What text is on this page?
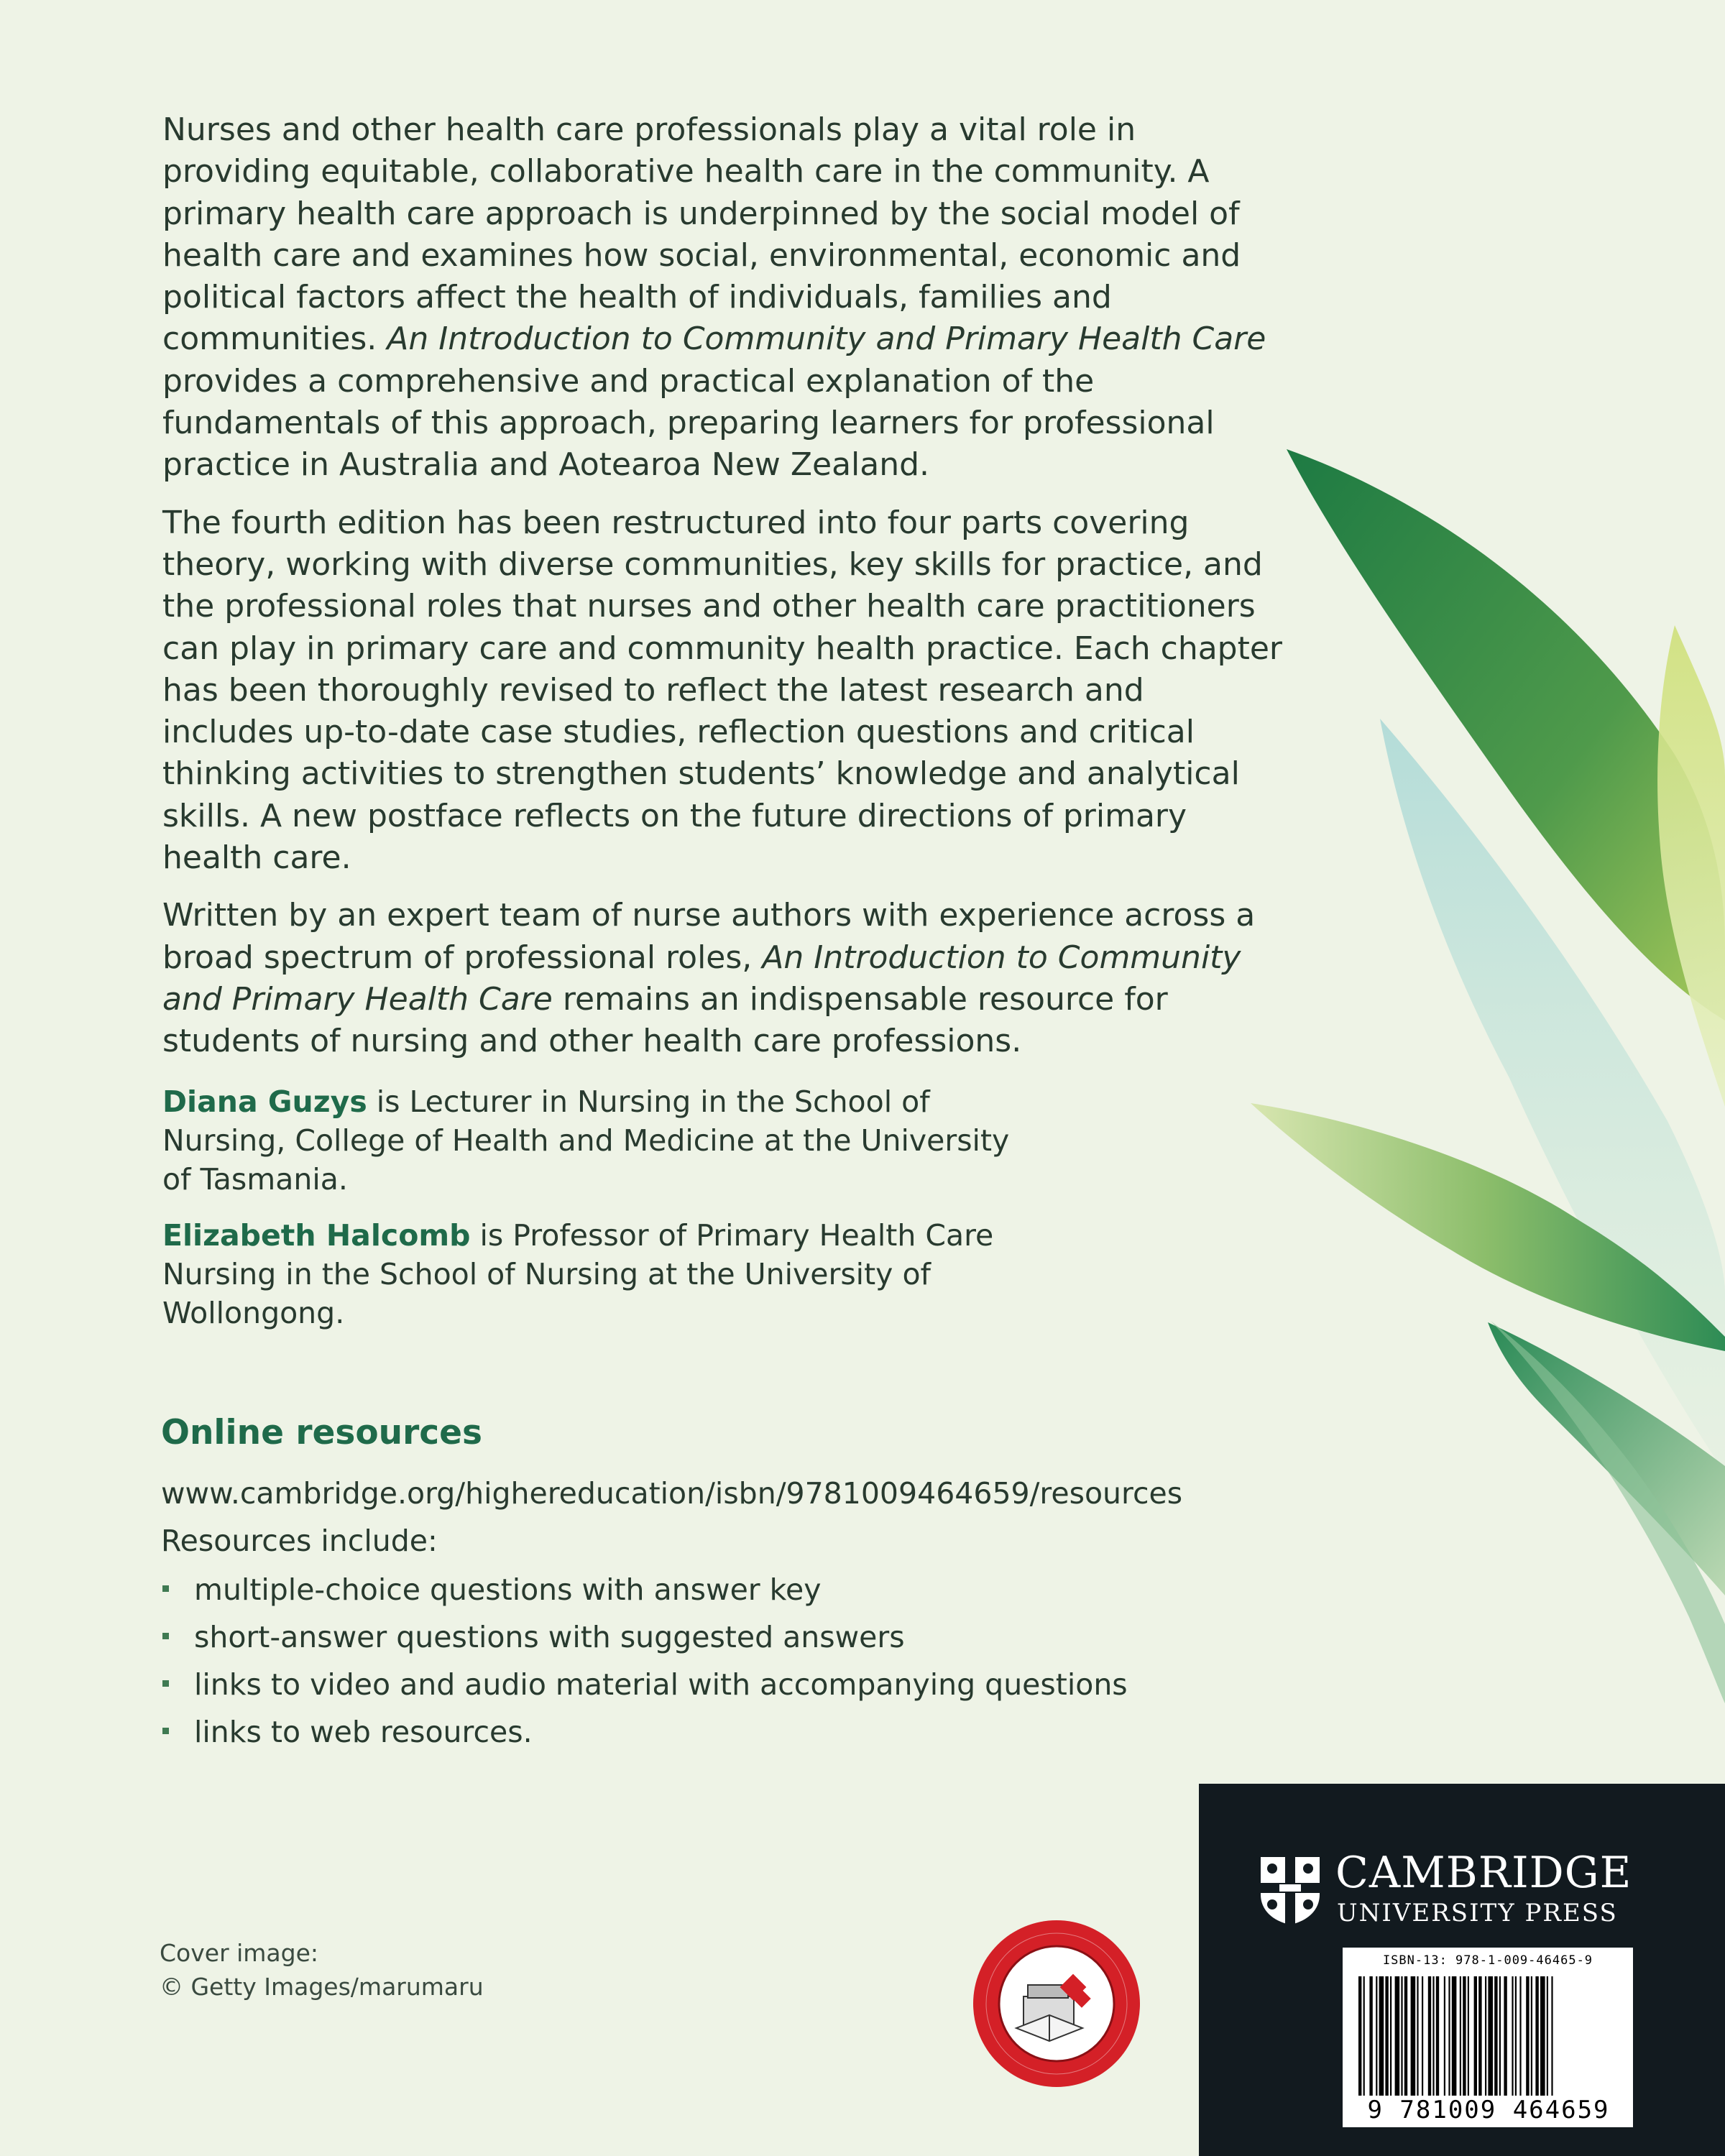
Nurses and other health care professionals play a vital role in providing equitable, collaborative health care in the community. A primary health care approach is underpinned by the social model of health care and examines how social, environmental, economic and political factors affect the health of individuals, families and communities. An Introduction to Community and Primary Health Care provides a comprehensive and practical explanation of the fundamentals of this approach, preparing learners for professional practice in Australia and Aotearoa New Zealand.

The fourth edition has been restructured into four parts covering theory, working with diverse communities, key skills for practice, and the professional roles that nurses and other health care practitioners can play in primary care and community health practice. Each chapter has been thoroughly revised to reflect the latest research and includes up-to-date case studies, reflection questions and critical thinking activities to strengthen students’ knowledge and analytical skills. A new postface reflects on the future directions of primary health care.

Written by an expert team of nurse authors with experience across a broad spectrum of professional roles, An Introduction to Community and Primary Health Care remains an indispensable resource for students of nursing and other health care professions.

Diana Guzys is Lecturer in Nursing in the School of Nursing, College of Health and Medicine at the University of Tasmania.

Elizabeth Halcomb is Professor of Primary Health Care Nursing in the School of Nursing at the University of Wollongong.

Online resources
www.cambridge.org/highereducation/isbn/9781009464659/resources
Resources include:
multiple-choice questions with answer key
short-answer questions with suggested answers
links to video and audio material with accompanying questions
links to web resources.
Cover image:
© Getty Images/marumaru
CAMBRIDGE
UNIVERSITY PRESS
ISBN-13: 978-1-009-46465-9
9 781009 464659
